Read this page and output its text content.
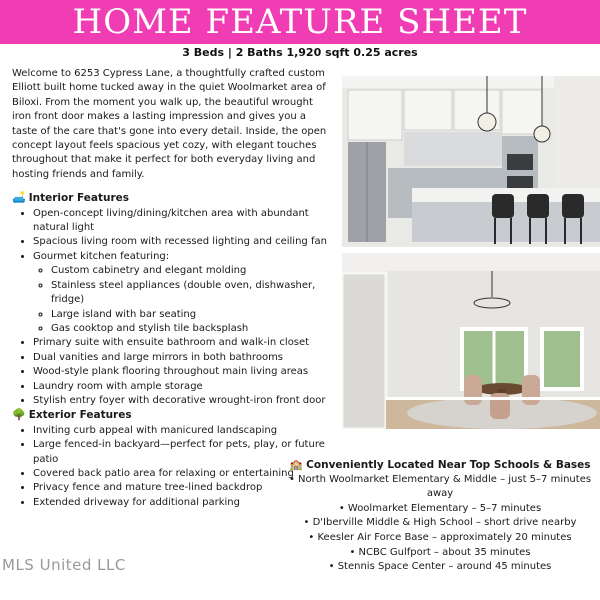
HOME FEATURE SHEET
3 Beds | 2 Baths 1,920 sqft 0.25 acres

Welcome to 6253 Cypress Lane, a thoughtfully crafted custom Elliott built home tucked away in the quiet Woolmarket area of Biloxi. From the moment you walk up, the beautiful wrought iron front door makes a lasting impression and gives you a taste of the care that's gone into every detail. Inside, the open concept layout feels spacious yet cozy, with elegant touches throughout that make it perfect for both everyday living and hosting friends and family.

🛋️ Interior Features
• Open-concept living/dining/kitchen area with abundant natural light
• Spacious living room with recessed lighting and ceiling fan
• Gourmet kitchen featuring:
◦ Custom cabinetry and elegant molding
◦ Stainless steel appliances (double oven, dishwasher, fridge)
◦ Large island with bar seating
◦ Gas cooktop and stylish tile backsplash
• Primary suite with ensuite bathroom and walk-in closet
• Dual vanities and large mirrors in both bathrooms
• Wood-style plank flooring throughout main living areas
• Laundry room with ample storage
• Stylish entry foyer with decorative wrought-iron front door
🌳 Exterior Features
• Inviting curb appeal with manicured landscaping
• Large fenced-in backyard—perfect for pets, play, or future patio
• Covered back patio area for relaxing or entertaining
• Privacy fence and mature tree-lined backdrop
• Extended driveway for additional parking
🏫 Conveniently Located Near Top Schools & Bases
• North Woolmarket Elementary & Middle – just 5–7 minutes away
• Woolmarket Elementary – 5–7 minutes
• D'Iberville Middle & High School – short drive nearby
• Keesler Air Force Base – approximately 20 minutes
• NCBC Gulfport – about 35 minutes
• Stennis Space Center – around 45 minutes
MLS United LLC
